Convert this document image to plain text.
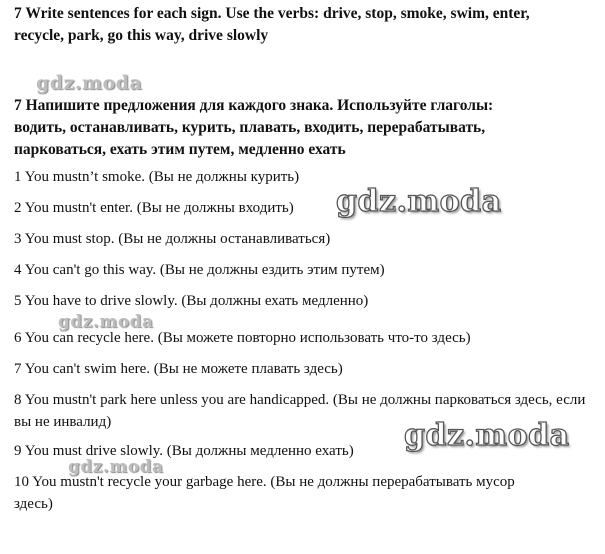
7 Write sentences for each sign. Use the verbs: drive, stop, smoke, swim, enter,

recycle, park, go this way, drive slowly

gdz.moda

7 Напишите предложения для каждого знака. Используйте глаголы:

водить, останавливать, курить, плавать, входить, перерабатывать,

парковаться, ехать этим путем, медленно ехать

1 You mustn’t smoke. (Вы не должны курить)

2 You mustn't enter. (Вы не должны входить)	gdz.moda

3 You must stop. (Вы не должны останавливаться)

4 You can't go this way. (Вы не должны ездить этим путем)

5 You have to drive slowly. (Вы должны ехать медленно)

gdz.moda

6 You can recycle here. (Вы можете повторно использовать что-то здесь)

7 You can't swim here. (Вы не можете плавать здесь)

8 You mustn't park here unless you are handicapped. (Вы не должны парковаться здесь, если вы не инвалид)

9 You must drive slowly. (Вы должны медленно ехать)	gdz.moda
gdz.moda

10 You mustn't recycle your garbage here. (Вы не должны перерабатывать мусор здесь)
